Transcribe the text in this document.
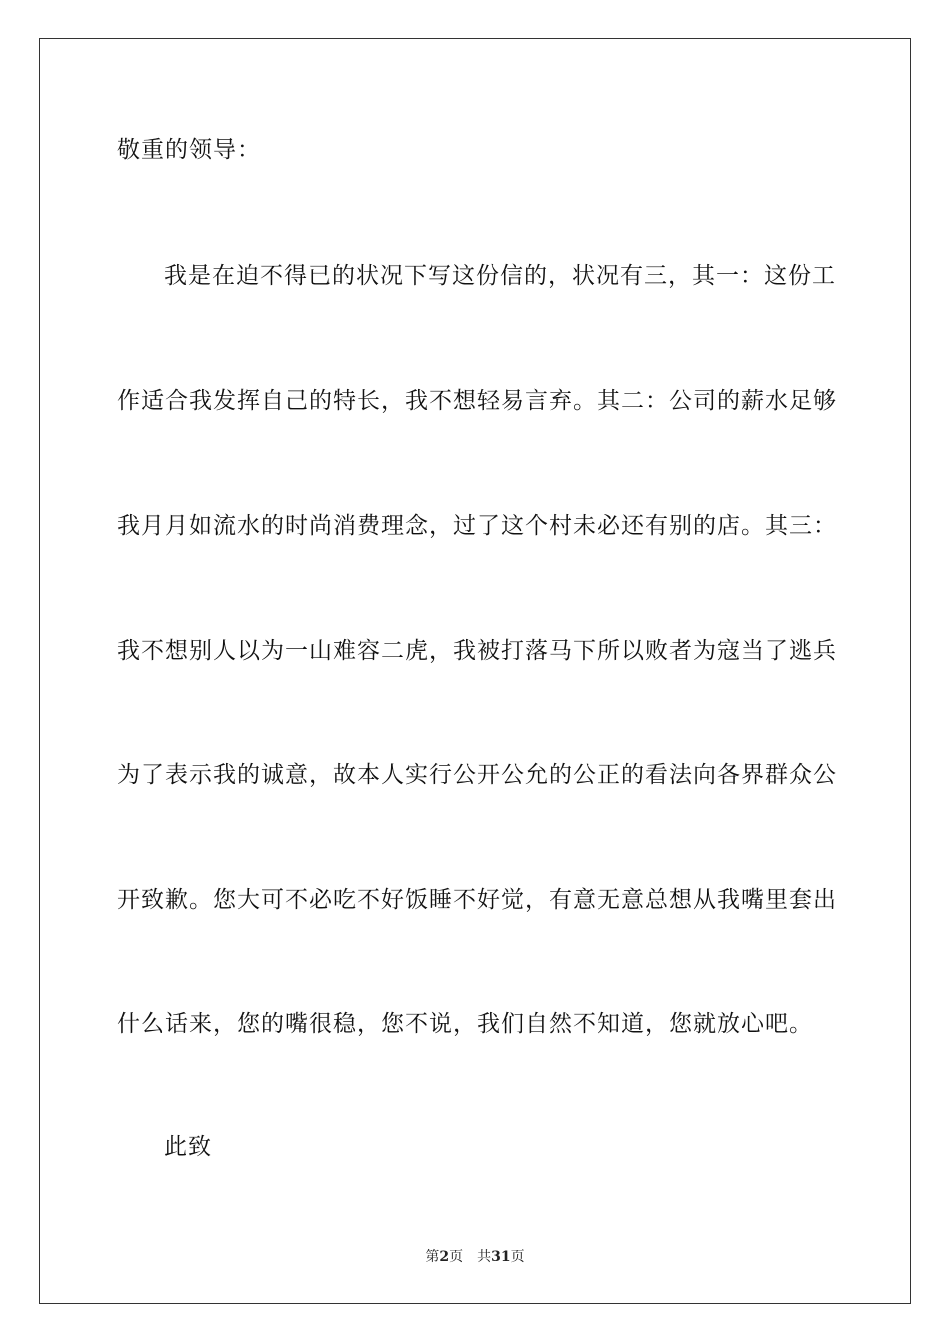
敬重的领导：
我是在迫不得已的状况下写这份信的，状况有三，其一：这份工
作适合我发挥自己的特长，我不想轻易言弃。其二：公司的薪水足够
我月月如流水的时尚消费理念，过了这个村未必还有别的店。其三：
我不想别人以为一山难容二虎，我被打落马下所以败者为寇当了逃兵
为了表示我的诚意，故本人实行公开公允的公正的看法向各界群众公
开致歉。您大可不必吃不好饭睡不好觉，有意无意总想从我嘴里套出
什么话来，您的嘴很稳，您不说，我们自然不知道，您就放心吧。
此致
第2页 共31页
